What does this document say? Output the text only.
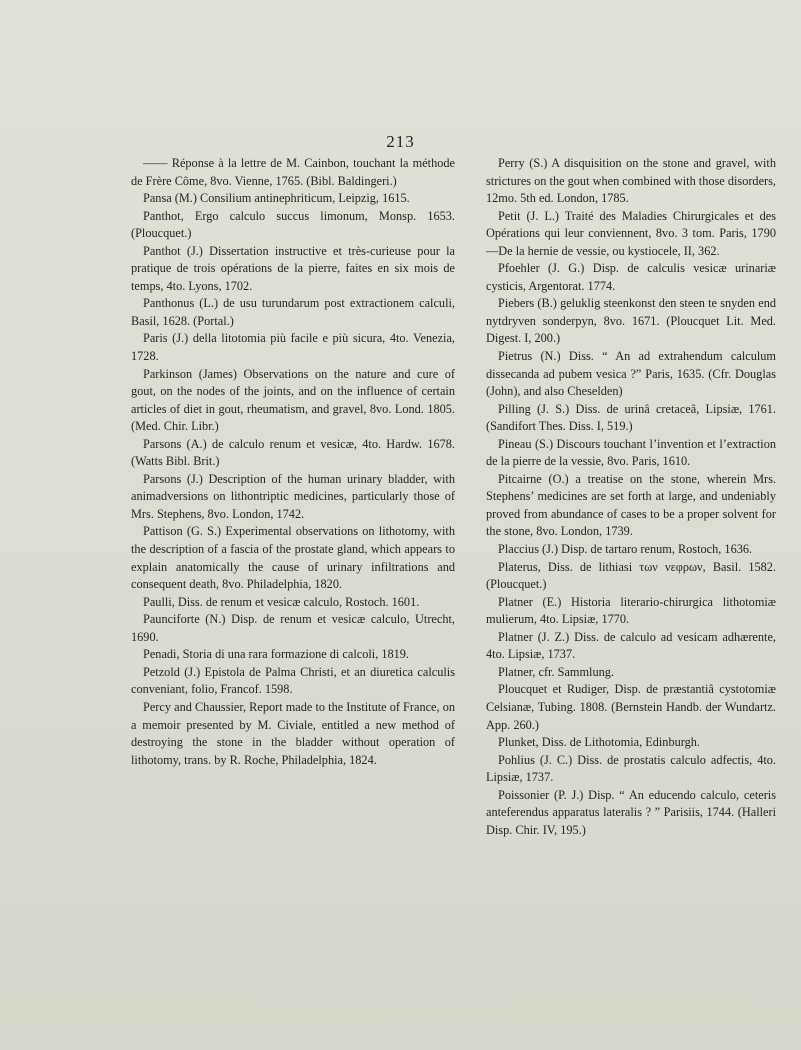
213

—— Réponse à la lettre de M. Cainbon, touchant la méthode de Frère Côme, 8vo. Vienne, 1765. (Bibl. Baldingeri.)

Pansa (M.) Consilium antinephriticum, Leipzig, 1615.

Panthot, Ergo calculo succus limonum, Monsp. 1653. (Ploucquet.)

Panthot (J.) Dissertation instructive et très-curieuse pour la pratique de trois opérations de la pierre, faites en six mois de temps, 4to. Lyons, 1702.

Panthonus (L.) de usu turundarum post extractionem calculi, Basil, 1628. (Portal.)

Paris (J.) della litotomia più facile e più sicura, 4to. Venezia, 1728.

Parkinson (James) Observations on the nature and cure of gout, on the nodes of the joints, and on the influence of certain articles of diet in gout, rheumatism, and gravel, 8vo. Lond. 1805. (Med. Chir. Libr.)

Parsons (A.) de calculo renum et vesicæ, 4to. Hardw. 1678. (Watts Bibl. Brit.)

Parsons (J.) Description of the human urinary bladder, with animadversions on lithontriptic medicines, particularly those of Mrs. Stephens, 8vo. London, 1742.

Pattison (G. S.) Experimental observations on lithotomy, with the description of a fascia of the prostate gland, which appears to explain anatomically the cause of urinary infiltrations and consequent death, 8vo. Philadelphia, 1820.

Paulli, Diss. de renum et vesicæ calculo, Rostoch. 1601.

Paunciforte (N.) Disp. de renum et vesicæ calculo, Utrecht, 1690.

Penadi, Storia di una rara formazione di calcoli, 1819.

Petzold (J.) Epistola de Palma Christi, et an diuretica calculis conveniant, folio, Francof. 1598.

Percy and Chaussier, Report made to the Institute of France, on a memoir presented by M. Civiale, entitled a new method of destroying the stone in the bladder without operation of lithotomy, trans. by R. Roche, Philadelphia, 1824.

Perry (S.) A disquisition on the stone and gravel, with strictures on the gout when combined with those disorders, 12mo. 5th ed. London, 1785.

Petit (J. L.) Traité des Maladies Chirurgicales et des Opérations qui leur conviennent, 8vo. 3 tom. Paris, 1790—De la hernie de vessie, ou kystiocele, II, 362.

Pfoehler (J. G.) Disp. de calculis vesicæ urinariæ cysticis, Argentorat. 1774.

Piebers (B.) geluklig steenkonst den steen te snyden end nytdryven sonderpyn, 8vo. 1671. (Ploucquet Lit. Med. Digest. I, 200.)

Pietrus (N.) Diss. “ An ad extrahendum calculum dissecanda ad pubem vesica ?” Paris, 1635. (Cfr. Douglas (John), and also Cheselden)

Pilling (J. S.) Diss. de urinâ cretaceâ, Lipsiæ, 1761. (Sandifort Thes. Diss. I, 519.)

Pineau (S.) Discours touchant l’invention et l’extraction de la pierre de la vessie, 8vo. Paris, 1610.

Pitcairne (O.) a treatise on the stone, wherein Mrs. Stephens’ medicines are set forth at large, and undeniably proved from abundance of cases to be a proper solvent for the stone, 8vo. London, 1739.

Placcius (J.) Disp. de tartaro renum, Rostoch, 1636.

Platerus, Diss. de lithiasi των νεφρων, Basil. 1582. (Ploucquet.)

Platner (E.) Historia literario-chirurgica lithotomiæ mulierum, 4to. Lipsiæ, 1770.

Platner (J. Z.) Diss. de calculo ad vesicam adhærente, 4to. Lipsiæ, 1737.

Platner, cfr. Sammlung.

Ploucquet et Rudiger, Disp. de præstantiâ cystotomiæ Celsianæ, Tubing. 1808. (Bernstein Handb. der Wundartz. App. 260.)

Plunket, Diss. de Lithotomia, Edinburgh.

Pohlius (J. C.) Diss. de prostatis calculo adfectis, 4to. Lipsiæ, 1737.

Poissonier (P. J.) Disp. “ An educendo calculo, ceteris anteferendus apparatus lateralis ? ” Parisiis, 1744. (Halleri Disp. Chir. IV, 195.)
